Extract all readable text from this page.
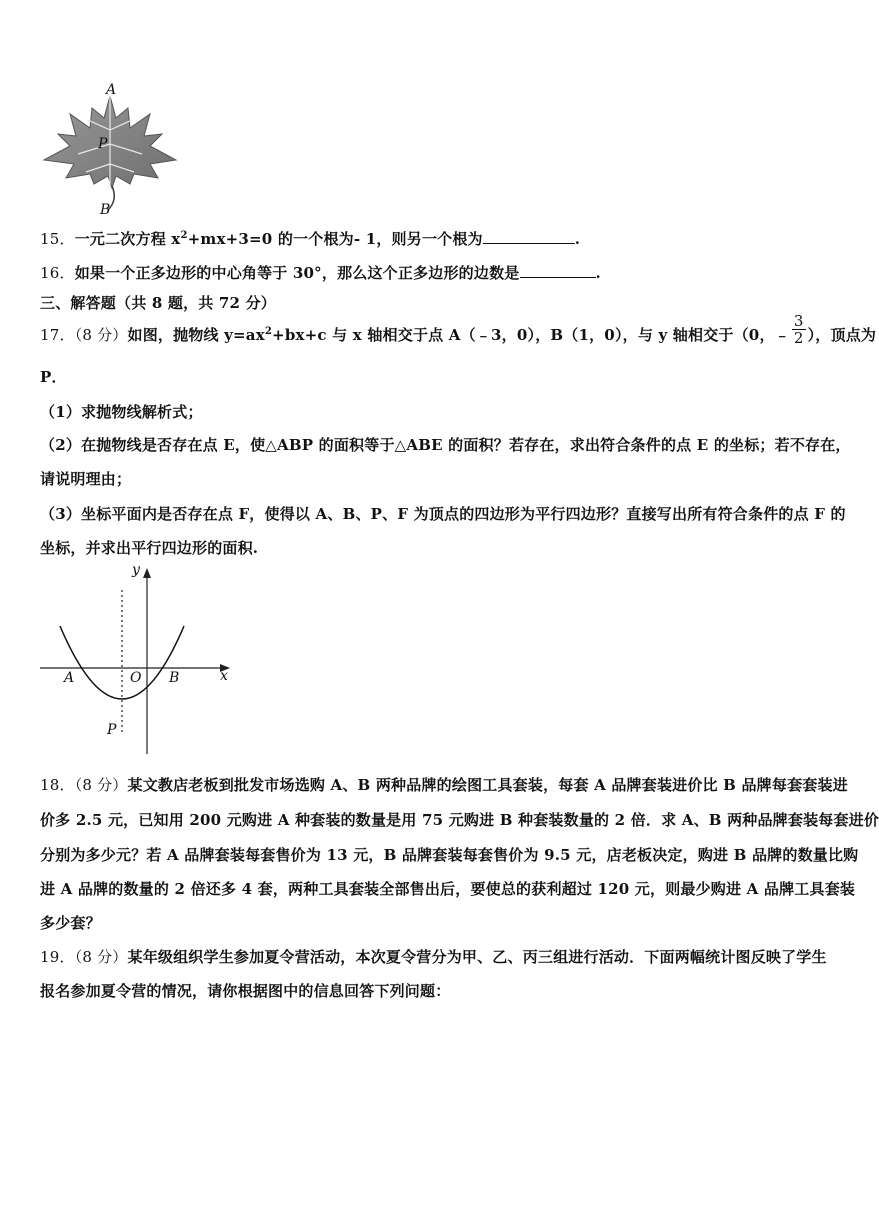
A
P
B
15．一元二次方程 $x^2+mx+3=0$ 的一个根为- 1，则另一个根为	.
16．如果一个正多边形的中心角等于 30°，那么这个正多边形的边数是	.
三、解答题（共 8 题，共 72 分）
17．（8 分）如图，抛物线 $y=ax^2+bx+c$ 与 x 轴相交于点 A（﹣3，0），B（1，0），与 y 轴相交于（0，﹣ $\frac{3}{2}$ ），顶点为
P．
（1）求抛物线解析式；
（2）在抛物线是否存在点 E，使△ABP 的面积等于△ABE 的面积？若存在，求出符合条件的点 E 的坐标；若不存在，
请说明理由；
（3）坐标平面内是否存在点 F，使得以 A、B、P、F 为顶点的四边形为平行四边形？直接写出所有符合条件的点 F 的
坐标，并求出平行四边形的面积.
y
x
A	O B
P
18．（8 分）某文教店老板到批发市场选购 A、B 两种品牌的绘图工具套装，每套 A 品牌套装进价比 B 品牌每套套装进
价多 2.5 元，已知用 200 元购进 A 种套装的数量是用 75 元购进 B 种套装数量的 2 倍．求 A、B 两种品牌套装每套进价
分别为多少元？若 A 品牌套装每套售价为 13 元，B 品牌套装每套售价为 9.5 元，店老板决定，购进 B 品牌的数量比购
进 A 品牌的数量的 2 倍还多 4 套，两种工具套装全部售出后，要使总的获利超过 120 元，则最少购进 A 品牌工具套装
多少套？
19．（8 分）某年级组织学生参加夏令营活动，本次夏令营分为甲、乙、丙三组进行活动．下面两幅统计图反映了学生
报名参加夏令营的情况，请你根据图中的信息回答下列问题：
